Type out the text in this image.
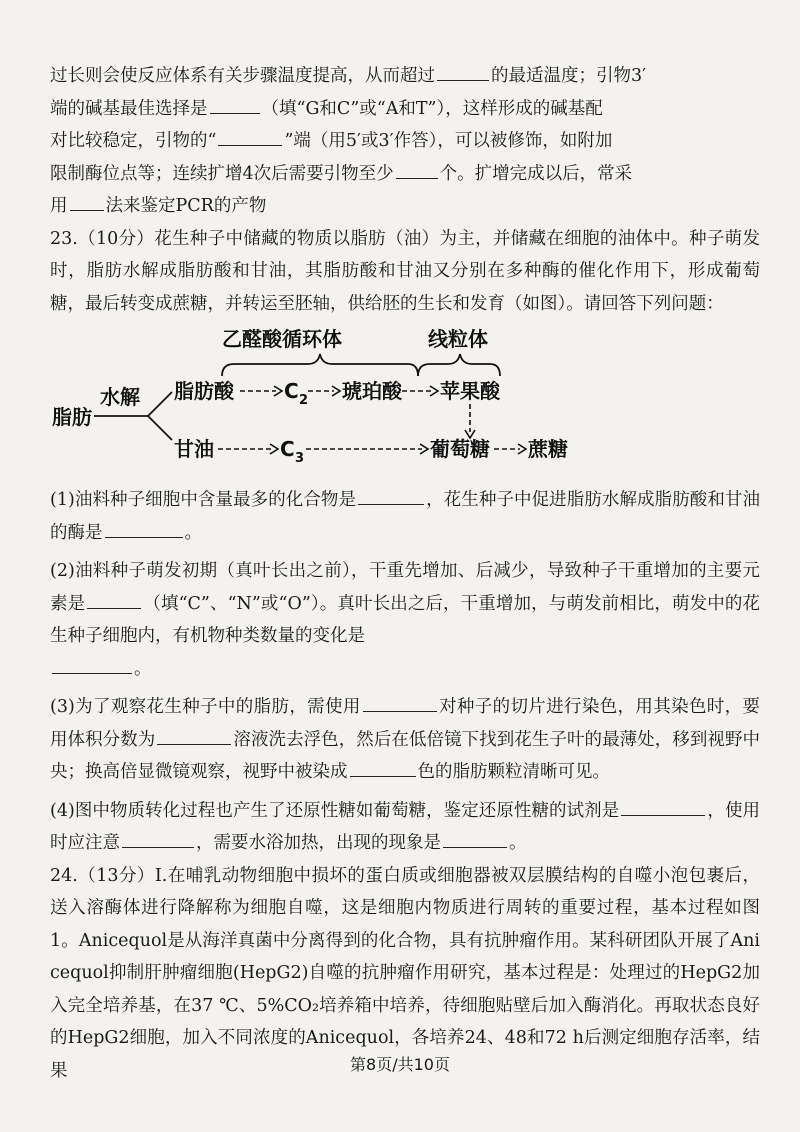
过长则会使反应体系有关步骤温度提高，从而超过	的最适温度；引物3′
端的碱基最佳选择是	（填“G和C”或“A和T”），这样形成的碱基配
对比较稳定，引物的“	”端（用5′或3′作答），可以被修饰，如附加
限制酶位点等；连续扩增4次后需要引物至少	个。扩增完成以后，常采
用 法来鉴定PCR的产物

23.（10分）花生种子中储藏的物质以脂肪（油）为主，并储藏在细胞的油体中。种子萌发时，脂肪水解成脂肪酸和甘油，其脂肪酸和甘油又分别在多种酶的催化作用下，形成葡萄糖，最后转变成蔗糖，并转运至胚轴，供给胚的生长和发育（如图）。请回答下列问题：

乙醛酸循环体	线粒体
脂肪
水解 脂肪酸	C 2 琥珀酸 苹果酸
甘油	C 3	葡萄糖 蔗糖

(1)油料种子细胞中含量最多的化合物是	，花生种子中促进脂肪水解成脂肪酸和甘油的酶是	。

(2)油料种子萌发初期（真叶长出之前），干重先增加、后减少，导致种子干重增加的主要元素是	（填“C”、“N”或“O”）。真叶长出之后，干重增加，与萌发前相比，萌发中的花生种子细胞内，有机物种类数量的变化是
。

(3)为了观察花生种子中的脂肪，需使用	对种子的切片进行染色，用其染色时，要用体积分数为	溶液洗去浮色，然后在低倍镜下找到花生子叶的最薄处，移到视野中央；换高倍显微镜观察，视野中被染成	色的脂肪颗粒清晰可见。

(4)图中物质转化过程也产生了还原性糖如葡萄糖，鉴定还原性糖的试剂是	，使用时应注意	，需要水浴加热，出现的现象是	。

24.（13分）I.在哺乳动物细胞中损坏的蛋白质或细胞器被双层膜结构的自噬小泡包裹后，送入溶酶体进行降解称为细胞自噬，这是细胞内物质进行周转的重要过程，基本过程如图1。Anicequol是从海洋真菌中分离得到的化合物，具有抗肿瘤作用。某科研团队开展了Anicequol抑制肝肿瘤细胞(HepG2)自噬的抗肿瘤作用研究，基本过程是：处理过的HepG2加入完全培养基，在37 ℃、5%CO₂培养箱中培养，待细胞贴壁后加入酶消化。再取状态良好的HepG2细胞，加入不同浓度的Anicequol，各培养24、48和72 h后测定细胞存活率，结果	第8页/共10页
